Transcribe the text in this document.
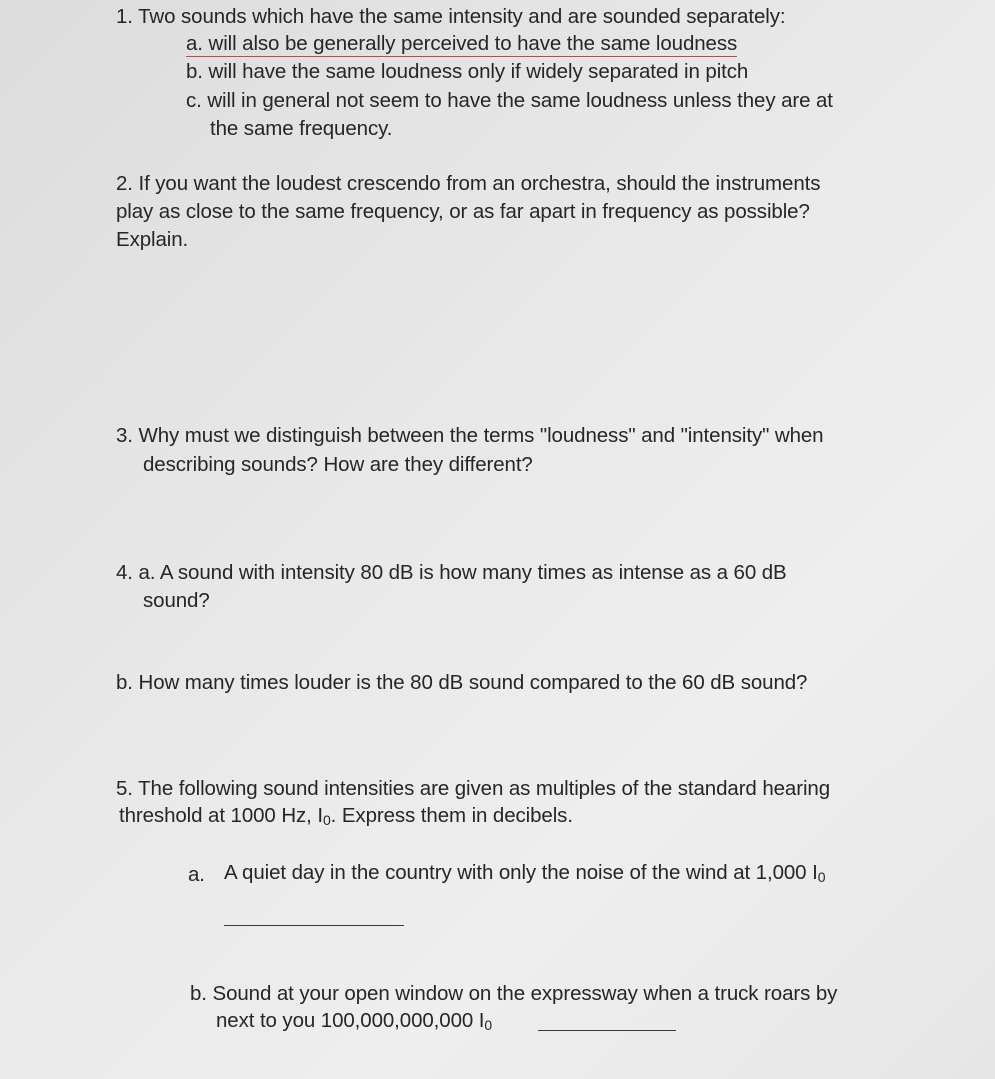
1. Two sounds which have the same intensity and are sounded separately:
a. will also be generally perceived to have the same loudness
b. will have the same loudness only if widely separated in pitch
c. will in general not seem to have the same loudness unless they are at
the same frequency.
2. If you want the loudest crescendo from an orchestra, should the instruments
play as close to the same frequency, or as far apart in frequency as possible?
Explain.
3. Why must we distinguish between the terms "loudness" and "intensity" when
describing sounds? How are they different?
4. a. A sound with intensity 80 dB is how many times as intense as a 60 dB
sound?
b. How many times louder is the 80 dB sound compared to the 60 dB sound?
5. The following sound intensities are given as multiples of the standard hearing
threshold at 1000 Hz, $I_0$. Express them in decibels.
a. A quiet day in the country with only the noise of the wind at 1,000 $I_0$
b. Sound at your open window on the expressway when a truck roars by
next to you 100,000,000,000 $I_0$
